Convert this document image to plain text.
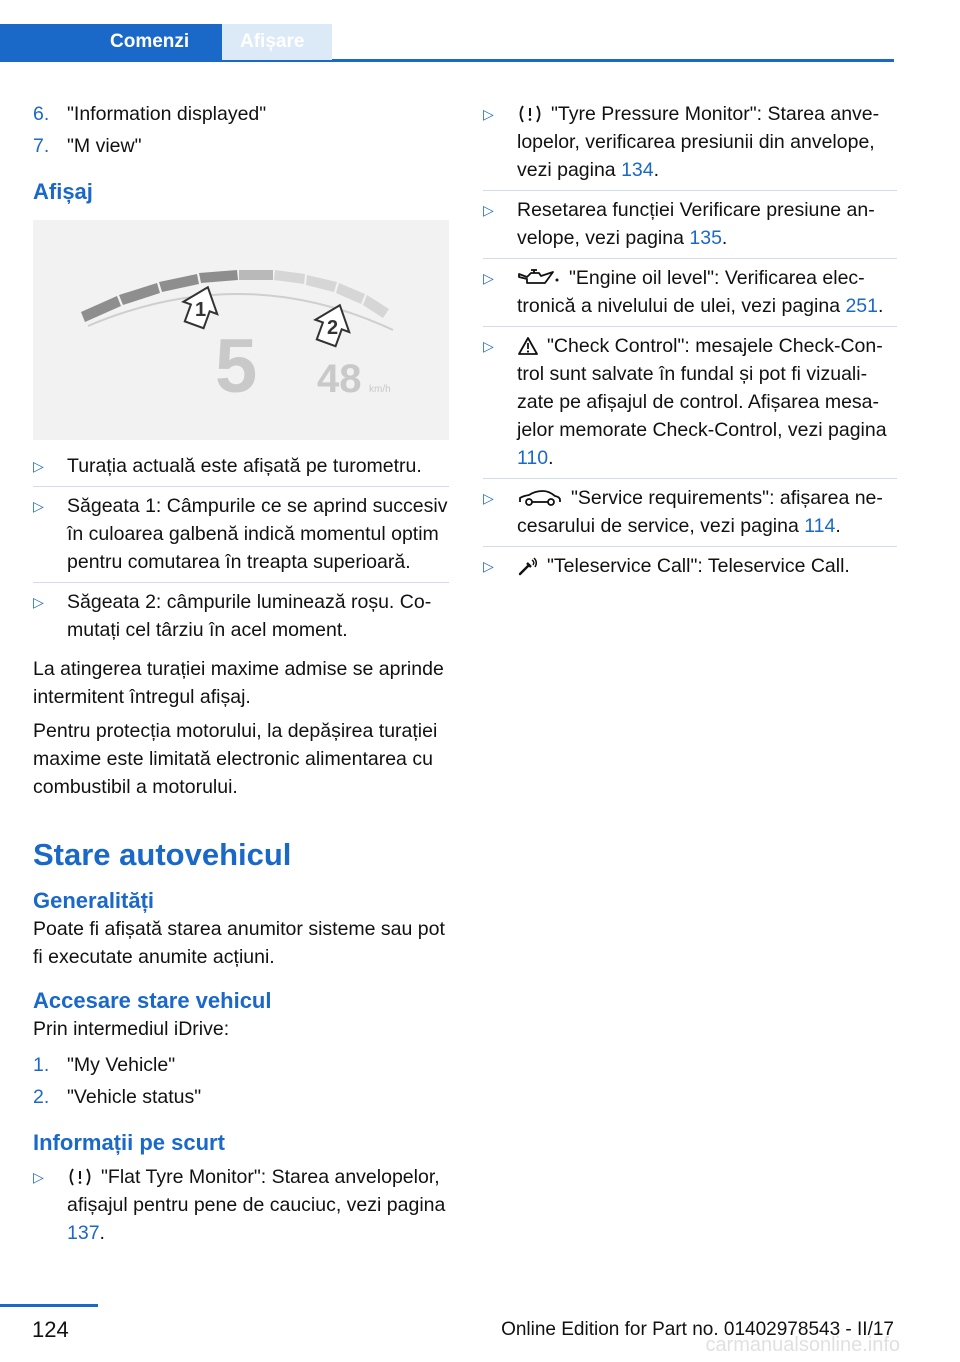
Comenzi	Afișare
6. "Information displayed"
7. "M view"
Afișaj
1
2
5 48 km/h
▷ Turația actuală este afișată pe turometru.
▷ Săgeata 1: Câmpurile ce se aprind succesiv în culoarea galbenă indică momentul optim pentru comutarea în treapta superioară.
▷ Săgeata 2: câmpurile luminează roșu. Comutați cel târziu în acel moment.

La atingerea turației maxime admise se aprinde intermitent întregul afișaj.

Pentru protecția motorului, la depășirea turației maxime este limitată electronic alimentarea cu combustibil a motorului.

Stare autovehicul
Generalități

Poate fi afișată starea anumitor sisteme sau pot fi executate anumite acțiuni.

Accesare stare vehicul

Prin intermediul iDrive:

1. "My Vehicle"
2. "Vehicle status"
Informații pe scurt
▷	"Flat Tyre Monitor": Starea anvelopelor, afișajul pentru pene de cauciuc, vezi pagina 137.
▷	"Tyre Pressure Monitor": Starea anvelopelor, verificarea presiunii din anvelope, vezi pagina 134.
▷ Resetarea funcției Verificare presiune anvelope, vezi pagina 135.
▷	"Engine oil level": Verificarea electronică a nivelului de ulei, vezi pagina 251.
▷	"Check Control": mesajele Check-Control sunt salvate în fundal și pot fi vizualizate pe afișajul de control. Afișarea mesajelor memorate Check-Control, vezi pagina 110.
▷	"Service requirements": afișarea necesarului de service, vezi pagina 114.
▷	"Teleservice Call": Teleservice Call.
124	Online Edition for Part no. 01402978543 - II/17
carmanualsonline.info
